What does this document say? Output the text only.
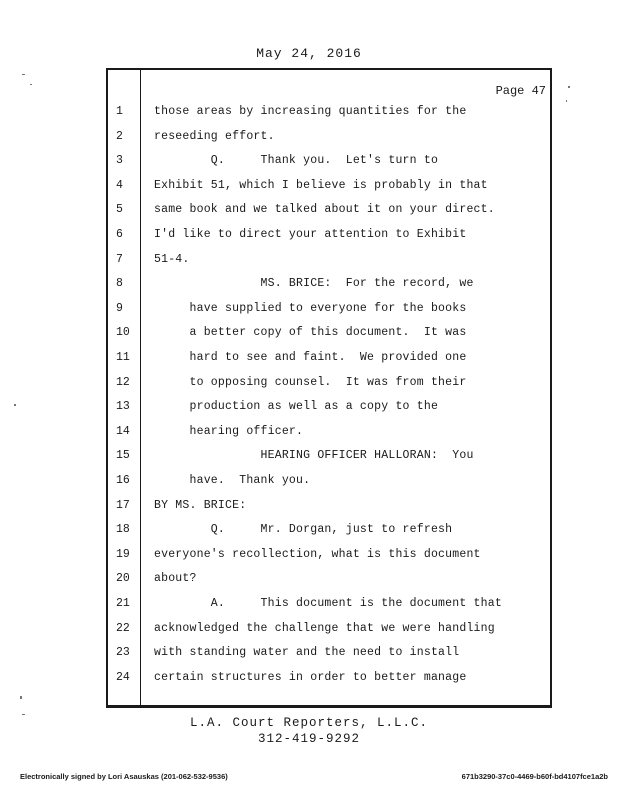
May 24, 2016
Page 47
1	those areas by increasing quantities for the
2	reseeding effort.
3	Q.     Thank you.  Let's turn to
4	Exhibit 51, which I believe is probably in that
5	same book and we talked about it on your direct.
6	I'd like to direct your attention to Exhibit
7	51-4.
8	MS. BRICE:  For the record, we
9	have supplied to everyone for the books
10	a better copy of this document.  It was
11	hard to see and faint.  We provided one
12	to opposing counsel.  It was from their
13	production as well as a copy to the
14	hearing officer.
15	HEARING OFFICER HALLORAN:  You
16	have.  Thank you.
17	BY MS. BRICE:
18	Q.     Mr. Dorgan, just to refresh
19	everyone's recollection, what is this document
20	about?
21	A.     This document is the document that
22	acknowledged the challenge that we were handling
23	with standing water and the need to install
24	certain structures in order to better manage
L.A. Court Reporters, L.L.C.
312-419-9292
Electronically signed by Lori Asauskas (201-062-532-9536)	671b3290-37c0-4469-b60f-bd4107fce1a2b
